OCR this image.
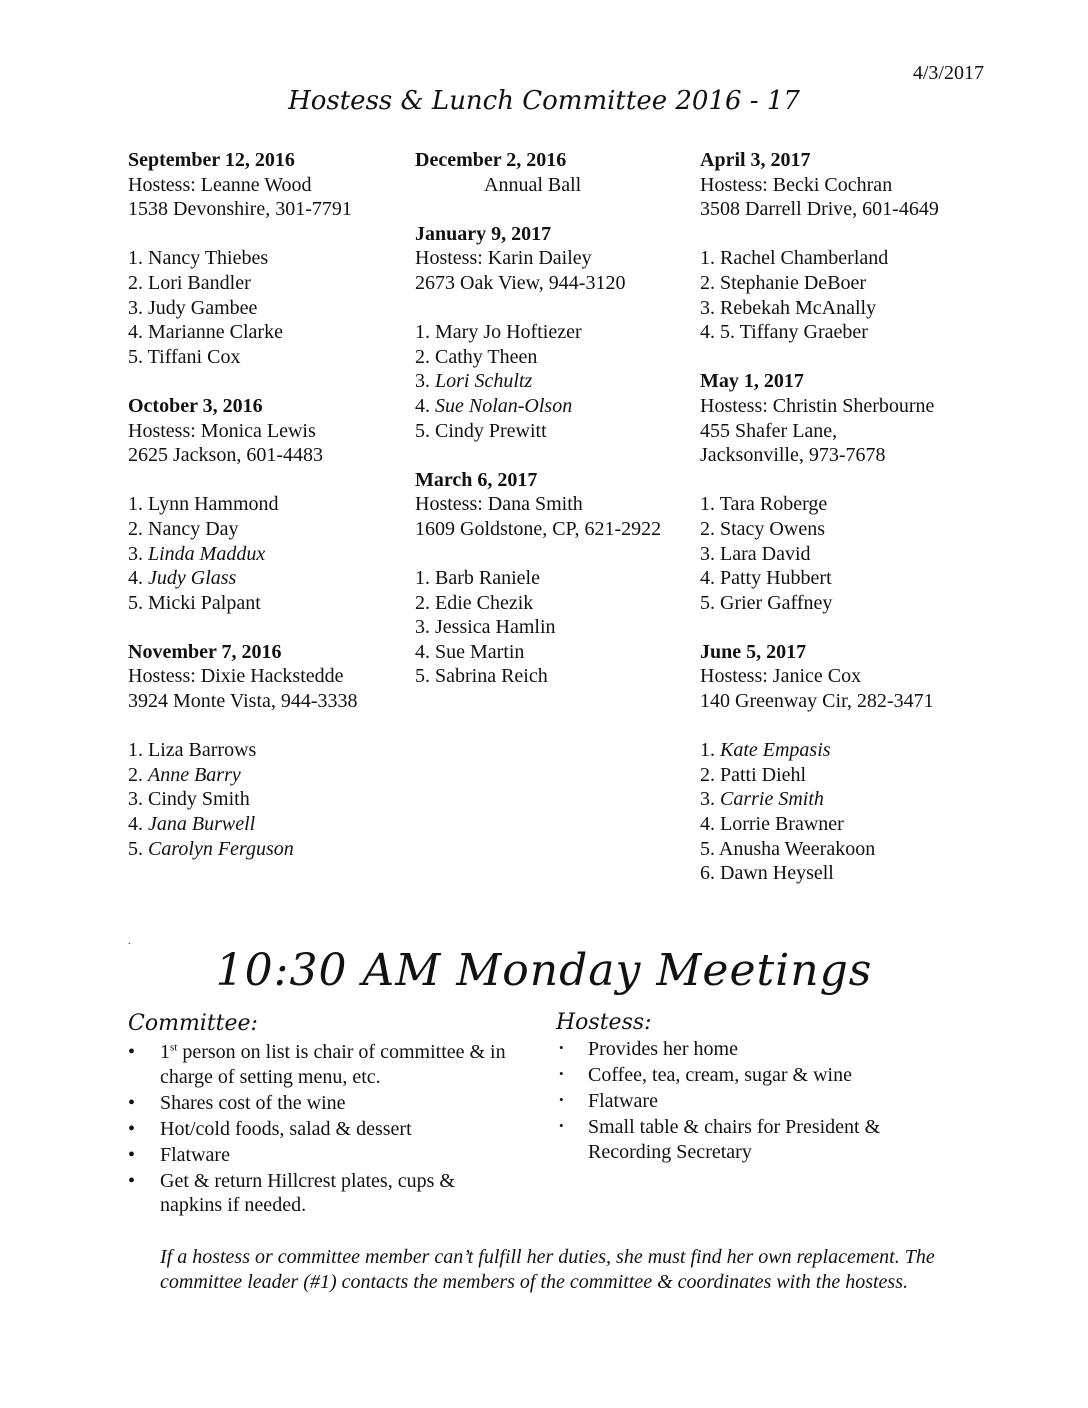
4/3/2017
Hostess & Lunch Committee 2016 - 17
September 12, 2016
Hostess: Leanne Wood
1538 Devonshire, 301-7791
1. Nancy Thiebes
2. Lori Bandler
3. Judy Gambee
4. Marianne Clarke
5. Tiffani Cox
October 3, 2016
Hostess: Monica Lewis
2625 Jackson, 601-4483
1. Lynn Hammond
2. Nancy Day
3. Linda Maddux
4. Judy Glass
5. Micki Palpant
November 7, 2016
Hostess: Dixie Hackstedde
3924 Monte Vista, 944-3338
1. Liza Barrows
2. Anne Barry
3. Cindy Smith
4. Jana Burwell
5. Carolyn Ferguson
December 2, 2016
Annual Ball
January 9, 2017
Hostess: Karin Dailey
2673 Oak View, 944-3120
1. Mary Jo Hoftiezer
2. Cathy Theen
3. Lori Schultz
4. Sue Nolan-Olson
5. Cindy Prewitt
March 6, 2017
Hostess: Dana Smith
1609 Goldstone, CP, 621-2922
1. Barb Raniele
2. Edie Chezik
3. Jessica Hamlin
4. Sue Martin
5. Sabrina Reich
April 3, 2017
Hostess: Becki Cochran
3508 Darrell Drive, 601-4649
1. Rachel Chamberland
2. Stephanie DeBoer
3. Rebekah McAnally
4. 5. Tiffany Graeber
May 1, 2017
Hostess: Christin Sherbourne
455 Shafer Lane,
Jacksonville, 973-7678
1. Tara Roberge
2. Stacy Owens
3. Lara David
4. Patty Hubbert
5. Grier Gaffney
June 5, 2017
Hostess: Janice Cox
140 Greenway Cir, 282-3471
1. Kate Empasis
2. Patti Diehl
3. Carrie Smith
4. Lorrie Brawner
5. Anusha Weerakoon
6. Dawn Heysell
.
10:30 AM Monday Meetings
Committee:
• 1st person on list is chair of committee & in charge of setting menu, etc.
• Shares cost of the wine
• Hot/cold foods, salad & dessert
• Flatware
• Get & return Hillcrest plates, cups & napkins if needed.
Hostess:
• Provides her home
• Coffee, tea, cream, sugar & wine
• Flatware
• Small table & chairs for President & Recording Secretary
If a hostess or committee member can’t fulfill her duties, she must find her own replacement. The committee leader (#1) contacts the members of the committee & coordinates with the hostess.
